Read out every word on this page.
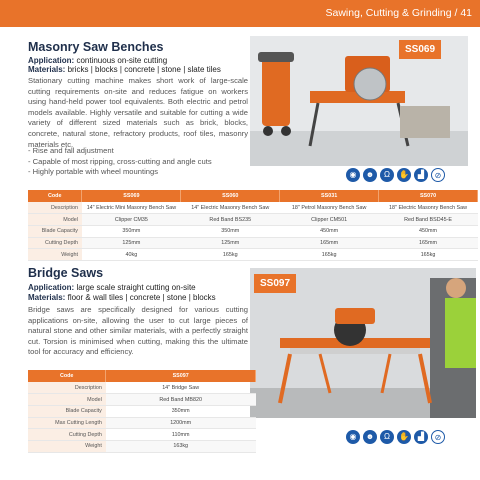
Sawing, Cutting & Grinding / 41
Masonry Saw Benches
Application: continuous on-site cutting
Materials: bricks | blocks | concrete | stone | slate tiles
Stationary cutting machine makes short work of large-scale cutting requirements on-site and reduces fatigue on workers using hand-held power tool equivalents. Both electric and petrol models available. Highly versatile and suitable for cutting a wide variety of different sized materials such as brick, blocks, concrete, natural stone, refractory products, roof tiles, masonry materials etc.
- Rise and fall adjustment
- Capable of most ripping, cross-cutting and angle cuts
- Highly portable with wheel mountings
SS069
◉	☻	Ω	✋	▟	⊘
Code	SS069	SS060	SS031	SS070
Description	14" Electric Mini Masonry Bench Saw	14" Electric Masonry Bench Saw	18" Petrol Masonry Bench Saw	18" Electric Masonry Bench Saw
Model	Clipper CM35	Red Band BS235	Clipper CM501	Red Band BSD45-E
Blade Capacity	350mm	350mm	450mm	450mm
Cutting Depth	125mm	125mm	165mm	165mm
Weight	40kg	165kg	165kg	165kg
Bridge Saws
Application: large scale straight cutting on-site
Materials: floor & wall tiles | concrete | stone | blocks
Bridge saws are specifically designed for various cutting applications on-site, allowing the user to cut large pieces of natural stone and other similar materials, with a perfectly straight cut. Torsion is minimised when cutting, making this the ultimate tool for accuracy and efficiency.
SS097
◉	☻	Ω	✋	▟	⊘
Code	SS097
Description	14" Bridge Saw
Model	Red Band MB820
Blade Capacity	350mm
Max Cutting Length	1200mm
Cutting Depth	110mm
Weight	163kg
